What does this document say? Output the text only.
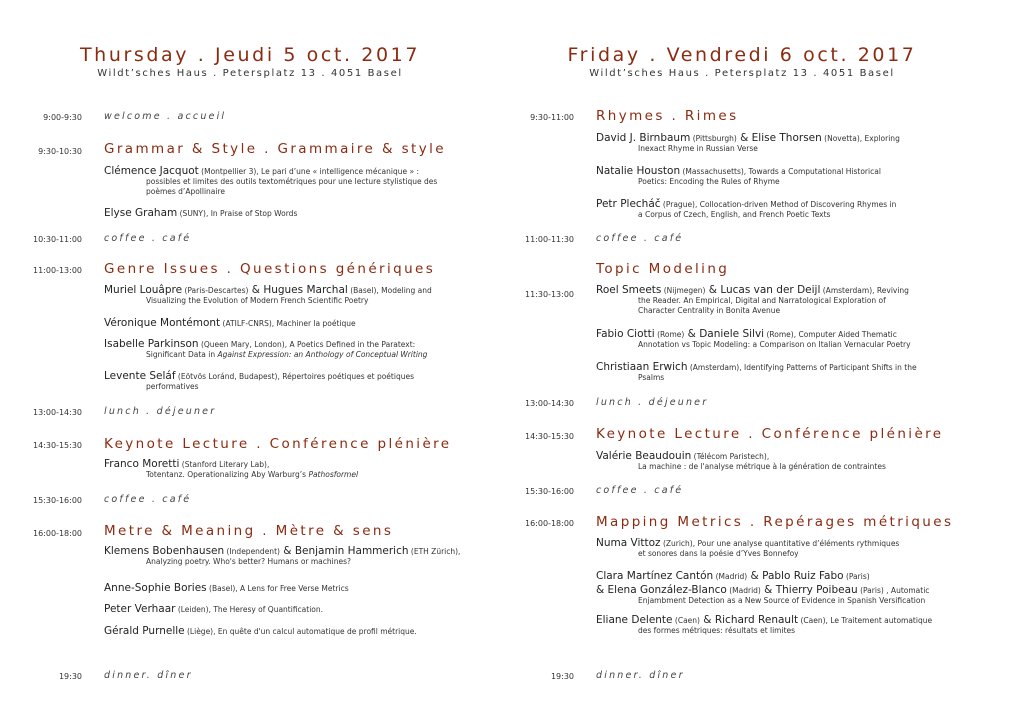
Thursday . Jeudi 5 oct. 2017
Wildt’sches Haus . Petersplatz 13 . 4051 Basel
9:00-9:30 welcome . accueil
9:30-10:30 Grammar & Style . Grammaire & style
Clémence Jacquot (Montpellier 3), Le pari d’une « intelligence mécanique » :
possibles et limites des outils textométriques pour une lecture stylistique des
poèmes d’Apollinaire
Elyse Graham (SUNY), In Praise of Stop Words
10:30-11:00 coffee . café
11:00-13:00 Genre Issues . Questions génériques
Muriel Louâpre (Paris-Descartes) & Hugues Marchal (Basel), Modeling and
Visualizing the Evolution of Modern French Scientific Poetry
Véronique Montémont (ATILF-CNRS), Machiner la poétique
Isabelle Parkinson (Queen Mary, London), A Poetics Defined in the Paratext:
Significant Data in Against Expression: an Anthology of Conceptual Writing
Levente Seláf (Eötvös Loránd, Budapest), Répertoires poétiques et poétiques
performatives
13:00-14:30 lunch . déjeuner
14:30-15:30 Keynote Lecture . Conférence plénière
Franco Moretti (Stanford Literary Lab),
Totentanz. Operationalizing Aby Warburg’s Pathosformel
15:30-16:00 coffee . café
16:00-18:00 Metre & Meaning . Mètre & sens
Klemens Bobenhausen (Independent) & Benjamin Hammerich (ETH Zürich),
Analyzing poetry. Who's better? Humans or machines?
Anne-Sophie Bories (Basel), A Lens for Free Verse Metrics
Peter Verhaar (Leiden), The Heresy of Quantification.
Gérald Purnelle (Liège), En quête d'un calcul automatique de profil métrique.
19:30 dinner. dîner
Friday . Vendredi 6 oct. 2017
Wildt’sches Haus . Petersplatz 13 . 4051 Basel
9:30-11:00 Rhymes . Rimes
David J. Birnbaum (Pittsburgh) & Elise Thorsen (Novetta), Exploring
Inexact Rhyme in Russian Verse
Natalie Houston (Massachusetts), Towards a Computational Historical
Poetics: Encoding the Rules of Rhyme
Petr Plecháč (Prague), Collocation-driven Method of Discovering Rhymes in
a Corpus of Czech, English, and French Poetic Texts
11:00-11:30 coffee . café
Topic Modeling
11:30-13:00 Roel Smeets (Nijmegen) & Lucas van der Deijl (Amsterdam), Reviving
the Reader. An Empirical, Digital and Narratological Exploration of
Character Centrality in Bonita Avenue
Fabio Ciotti (Rome) & Daniele Silvi (Rome), Computer Aided Thematic
Annotation vs Topic Modeling: a Comparison on Italian Vernacular Poetry
Christiaan Erwich (Amsterdam), Identifying Patterns of Participant Shifts in the
Psalms
13:00-14:30 lunch . déjeuner
14:30-15:30 Keynote Lecture . Conférence plénière
Valérie Beaudouin (Télécom Paristech),
La machine : de l'analyse métrique à la génération de contraintes
15:30-16:00 coffee . café
16:00-18:00 Mapping Metrics . Repérages métriques
Numa Vittoz (Zurich), Pour une analyse quantitative d’éléments rythmiques
et sonores dans la poésie d’Yves Bonnefoy
Clara Martínez Cantón (Madrid) & Pablo Ruiz Fabo (Paris)
& Elena González-Blanco (Madrid) & Thierry Poibeau (Paris) , Automatic
Enjambment Detection as a New Source of Evidence in Spanish Versification
Eliane Delente (Caen) & Richard Renault (Caen), Le Traitement automatique
des formes métriques: résultats et limites
19:30 dinner. dîner
